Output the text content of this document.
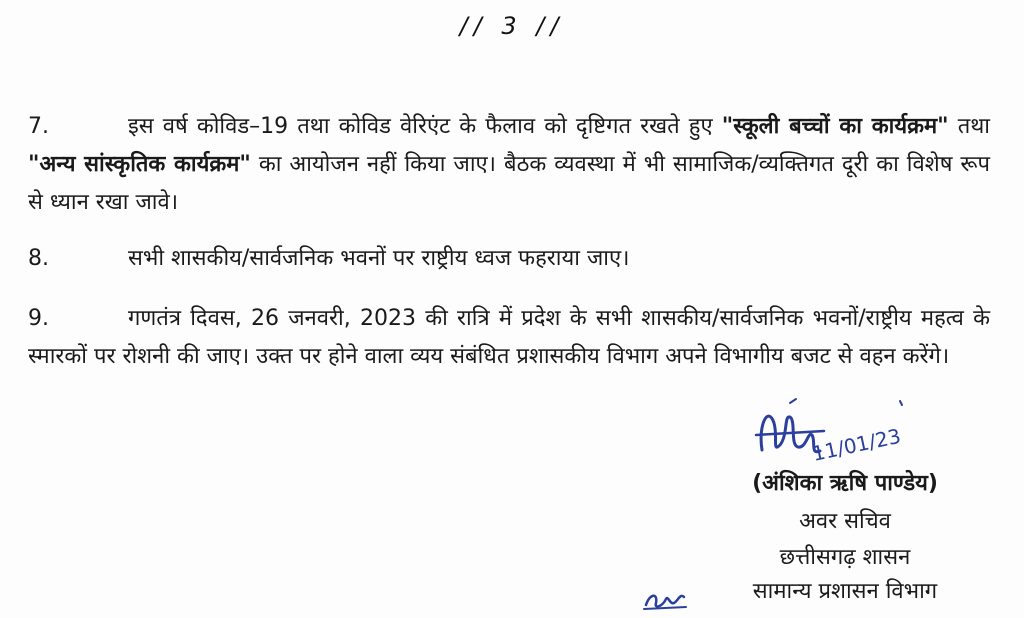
// 3 //
7.	इस वर्ष कोविड–19 तथा कोविड वेरिएंट के फैलाव को दृष्टिगत रखते हुए "स्कूली बच्चों का कार्यक्रम" तथा "अन्य सांस्कृतिक कार्यक्रम" का आयोजन नहीं किया जाए। बैठक व्यवस्था में भी सामाजिक/व्यक्तिगत दूरी का विशेष रूप से ध्यान रखा जावे।
8.	सभी शासकीय/सार्वजनिक भवनों पर राष्ट्रीय ध्वज फहराया जाए।
9.	गणतंत्र दिवस, 26 जनवरी, 2023 की रात्रि में प्रदेश के सभी शासकीय/सार्वजनिक भवनों/राष्ट्रीय महत्व के स्मारकों पर रोशनी की जाए। उक्त पर होने वाला व्यय संबंधित प्रशासकीय विभाग अपने विभागीय बजट से वहन करेंगे।
11/01/23
(अंशिका ऋषि पाण्डेय)
अवर सचिव
छत्तीसगढ़ शासन
सामान्य प्रशासन विभाग
